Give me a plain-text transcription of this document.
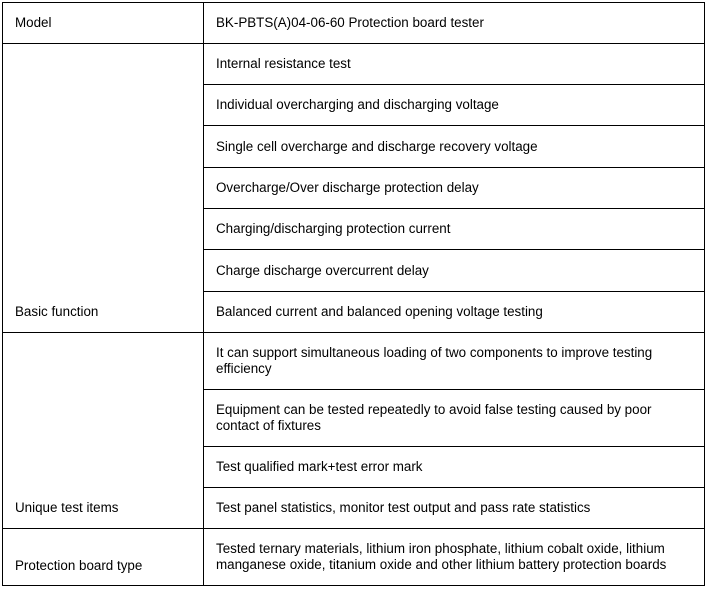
Model	BK-PBTS(A)04-06-60 Protection board tester
Basic function	Internal resistance test
	Individual overcharging and discharging voltage
	Single cell overcharge and discharge recovery voltage
	Overcharge/Over discharge protection delay
	Charging/discharging protection current
	Charge discharge overcurrent delay
	Balanced current and balanced opening voltage testing
Unique test items	It can support simultaneous loading of two components to improve testing efficiency
	Equipment can be tested repeatedly to avoid false testing caused by poor contact of fixtures
	Test qualified mark+test error mark
	Test panel statistics, monitor test output and pass rate statistics
Protection board type	Tested ternary materials, lithium iron phosphate, lithium cobalt oxide, lithium manganese oxide, titanium oxide and other lithium battery protection boards
